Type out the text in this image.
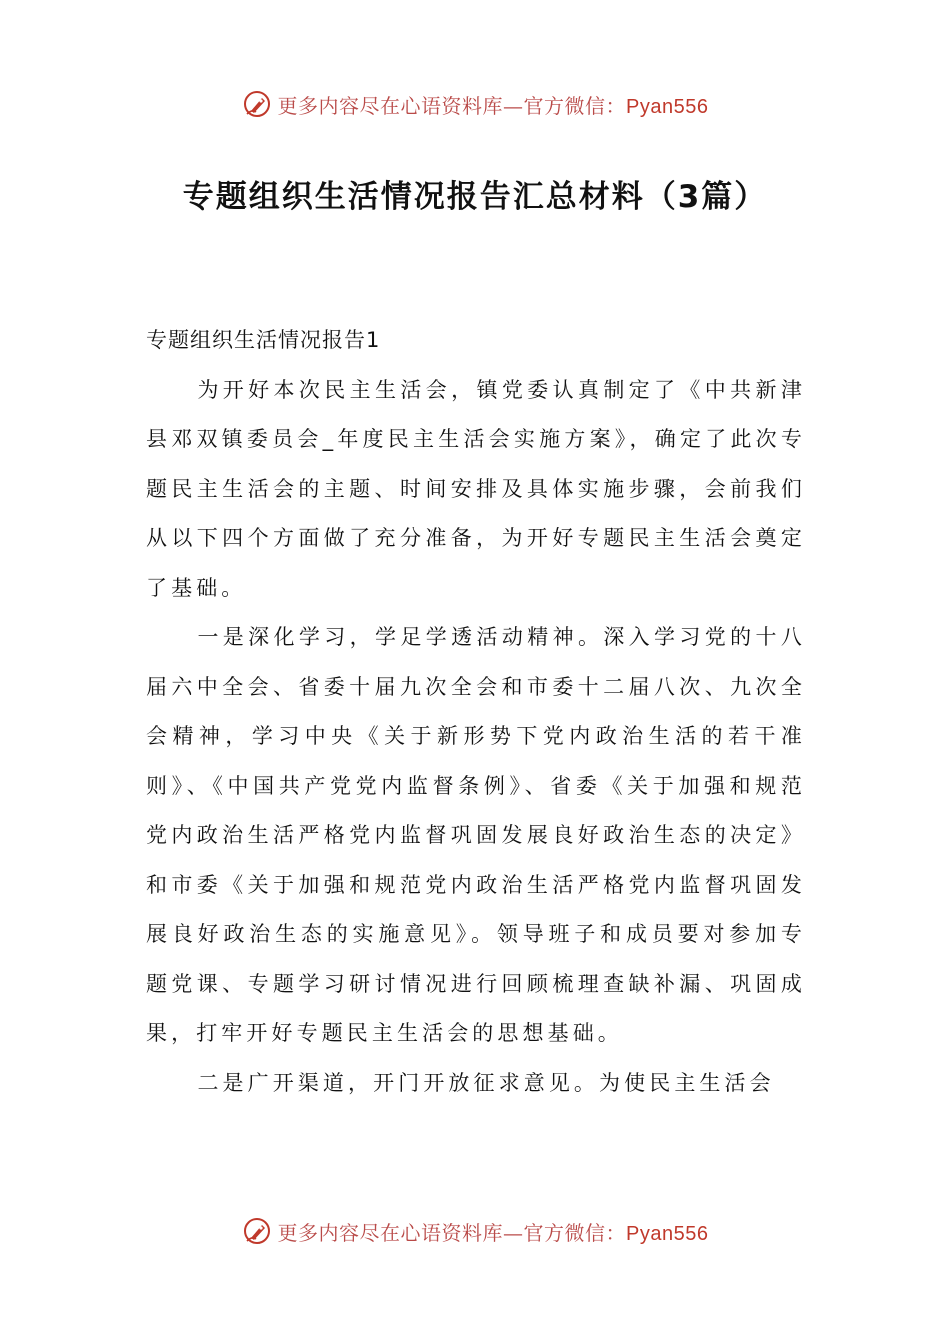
更多内容尽在心语资料库—官方微信：Pyan556
专题组织生活情况报告汇总材料（3篇）
专题组织生活情况报告1

为开好本次民主生活会，镇党委认真制定了《中共新津县邓双镇委员会_年度民主生活会实施方案》，确定了此次专题民主生活会的主题、时间安排及具体实施步骤，会前我们从以下四个方面做了充分准备，为开好专题民主生活会奠定了基础。

一是深化学习，学足学透活动精神。深入学习党的十八届六中全会、省委十届九次全会和市委十二届八次、九次全会精神，学习中央《关于新形势下党内政治生活的若干准则》、《中国共产党党内监督条例》、省委《关于加强和规范党内政治生活严格党内监督巩固发展良好政治生态的决定》和市委《关于加强和规范党内政治生活严格党内监督巩固发展良好政治生态的实施意见》。领导班子和成员要对参加专题党课、专题学习研讨情况进行回顾梳理查缺补漏、巩固成果，打牢开好专题民主生活会的思想基础。

二是广开渠道，开门开放征求意见。为使民主生活会

更多内容尽在心语资料库—官方微信：Pyan556
